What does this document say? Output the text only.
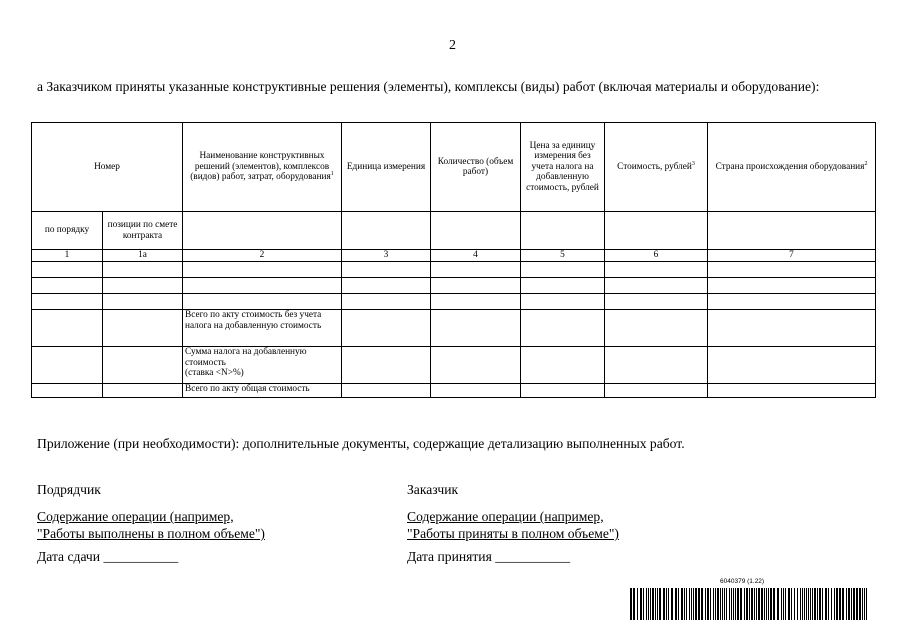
2
а Заказчиком приняты указанные конструктивные решения (элементы), комплексы (виды) работ (включая материалы и оборудование):
Номер		Наименование конструктивных решений (элементов), комплексов (видов) работ, затрат, оборудования$^1$	Единица измерения	Количество (объем работ)	Цена за единицу измерения без учета налога на добавленную стоимость, рублей	Стоимость, рублей$^3$	Страна происхождения оборудования$^2$
по порядку	позиции по смете контракта						
1	1а	2	3	4	5	6	7

		Всего по акту стоимость без учета налога на добавленную стоимость					
		Сумма налога на добавленную стоимость
(ставка <N>%)					
		Всего по акту общая стоимость					
Приложение (при необходимости): дополнительные документы, содержащие детализацию выполненных работ.
Подрядчик
Содержание операции (например,
"Работы выполнены в полном объеме")
Дата сдачи ___________
Заказчик
Содержание операции (например,
"Работы приняты в полном объеме")
Дата принятия ___________
6040379 (1.22)
